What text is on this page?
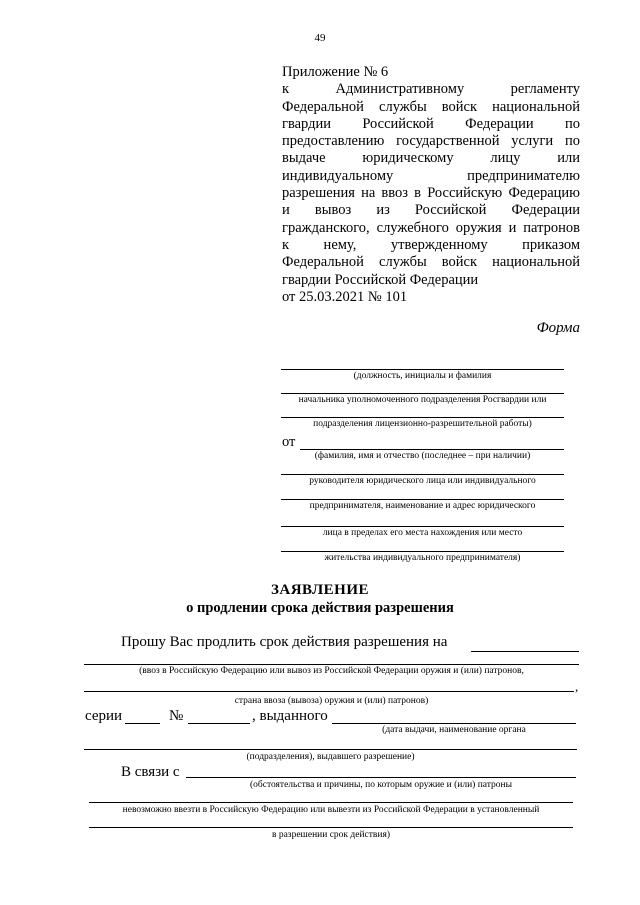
49
Приложение № 6
к Административному регламенту
Федеральной службы войск национальной
гвардии Российской Федерации по
предоставлению государственной услуги по
выдаче юридическому лицу или
индивидуальному предпринимателю
разрешения на ввоз в Российскую Федерацию
и вывоз из Российской Федерации
гражданского, служебного оружия и патронов
к нему, утвержденному приказом
Федеральной службы войск национальной
гвардии Российской Федерации
от 25.03.2021 № 101
Форма
(должность, инициалы и фамилия
начальника уполномоченного подразделения Росгвардии или
подразделения лицензионно-разрешительной работы)
от
(фамилия, имя и отчество (последнее – при наличии)
руководителя юридического лица или индивидуального
предпринимателя, наименование и адрес юридического
лица в пределах его места нахождения или место
жительства индивидуального предпринимателя)
ЗАЯВЛЕНИЕ
о продлении срока действия разрешения
Прошу Вас продлить срок действия разрешения на
(ввоз в Российскую Федерацию или вывоз из Российской Федерации оружия и (или) патронов,
,
страна ввоза (вывоза) оружия и (или) патронов)
серии	№	, выданного
(дата выдачи, наименование органа
(подразделения), выдавшего разрешение)
В связи с
(обстоятельства и причины, по которым оружие и (или) патроны
невозможно ввезти в Российскую Федерацию или вывезти из Российской Федерации в установленный
в разрешении срок действия)
